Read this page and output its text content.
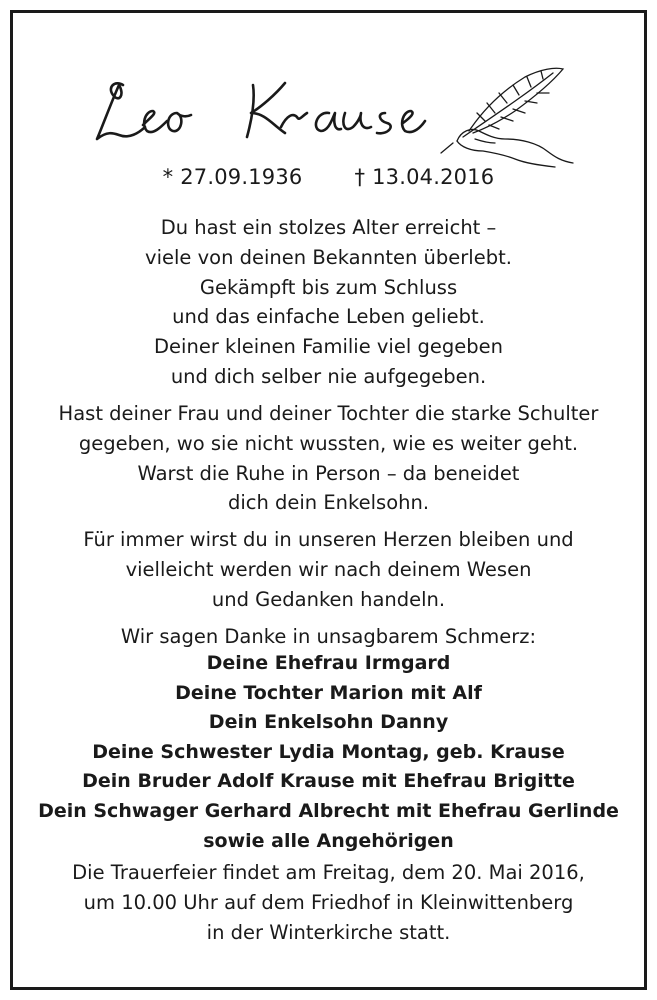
* 27.09.1936 † 13.04.2016
Du hast ein stolzes Alter erreicht –
viele von deinen Bekannten überlebt.
Gekämpft bis zum Schluss
und das einfache Leben geliebt.
Deiner kleinen Familie viel gegeben
und dich selber nie aufgegeben.
Hast deiner Frau und deiner Tochter die starke Schulter
gegeben, wo sie nicht wussten, wie es weiter geht.
Warst die Ruhe in Person – da beneidet
dich dein Enkelsohn.
Für immer wirst du in unseren Herzen bleiben und
vielleicht werden wir nach deinem Wesen
und Gedanken handeln.
Wir sagen Danke in unsagbarem Schmerz:
Deine Ehefrau Irmgard
Deine Tochter Marion mit Alf
Dein Enkelsohn Danny
Deine Schwester Lydia Montag, geb. Krause
Dein Bruder Adolf Krause mit Ehefrau Brigitte
Dein Schwager Gerhard Albrecht mit Ehefrau Gerlinde
sowie alle Angehörigen
Die Trauerfeier findet am Freitag, dem 20. Mai 2016,
um 10.00 Uhr auf dem Friedhof in Kleinwittenberg
in der Winterkirche statt.
